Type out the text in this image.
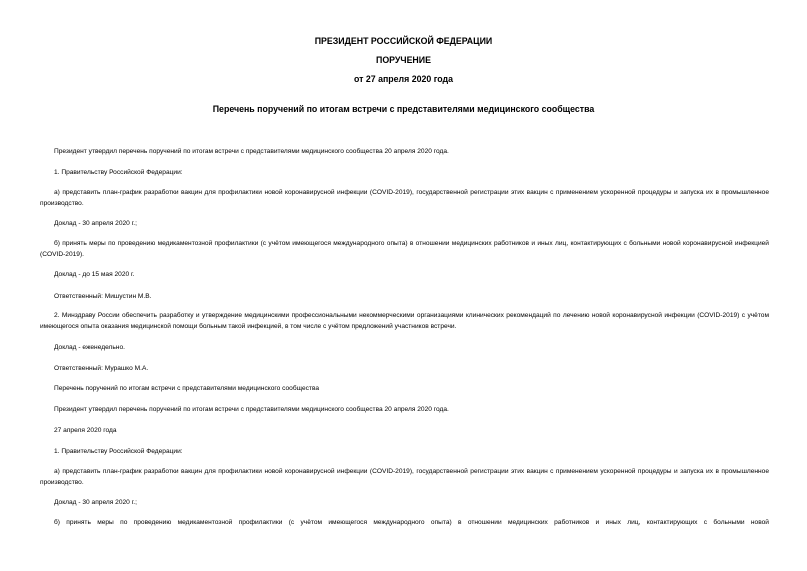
ПРЕЗИДЕНТ РОССИЙСКОЙ ФЕДЕРАЦИИ
ПОРУЧЕНИЕ
от 27 апреля 2020 года
Перечень поручений по итогам встречи с представителями медицинского сообщества
Президент утвердил перечень поручений по итогам встречи с представителями медицинского сообщества 20 апреля 2020 года.
1. Правительству Российской Федерации:
а) представить план-график разработки вакцин для профилактики новой коронавирусной инфекции (COVID-2019), государственной регистрации этих вакцин с применением ускоренной процедуры и запуска их в промышленное производство.
Доклад - 30 апреля 2020 г.;
б) принять меры по проведению медикаментозной профилактики (с учётом имеющегося международного опыта) в отношении медицинских работников и иных лиц, контактирующих с больными новой коронавирусной инфекцией (COVID-2019).
Доклад - до 15 мая 2020 г.
Ответственный: Мишустин М.В.
2. Минздраву России обеспечить разработку и утверждение медицинскими профессиональными некоммерческими организациями клинических рекомендаций по лечению новой коронавирусной инфекции (COVID-2019) с учётом имеющегося опыта оказания медицинской помощи больным такой инфекцией, в том числе с учётом предложений участников встречи.
Доклад - еженедельно.
Ответственный: Мурашко М.А.
Перечень поручений по итогам встречи с представителями медицинского сообщества
Президент утвердил перечень поручений по итогам встречи с представителями медицинского сообщества 20 апреля 2020 года.
27 апреля 2020 года
1. Правительству Российской Федерации:
а) представить план-график разработки вакцин для профилактики новой коронавирусной инфекции (COVID-2019), государственной регистрации этих вакцин с применением ускоренной процедуры и запуска их в промышленное производство.
Доклад - 30 апреля 2020 г.;
б) принять меры по проведению медикаментозной профилактики (с учётом имеющегося международного опыта) в отношении медицинских работников и иных лиц, контактирующих с больными новой
